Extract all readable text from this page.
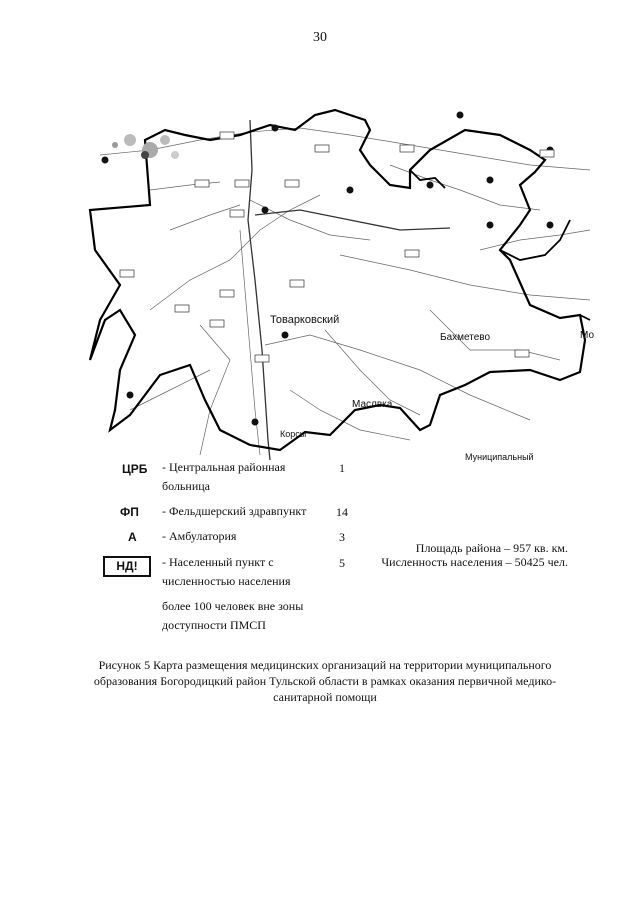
30
Товарковский
Бахметево
Маслвка
Мо
Корсы
Муниципальный
ЦРБ - Центральная районная
больница
1
ФП - Фельдшерский здравпункт 14
А - Амбулатория	3
НД!	- Населенный пункт с
численностью населения
5
более 100 человек вне зоны
доступности ПМСП
Площадь района – 957 кв. км.
Численность населения – 50425 чел.
Рисунок 5 Карта размещения медицинских организаций на территории муниципального
образования Богородицкий район Тульской области в рамках оказания первичной медико-
санитарной помощи
